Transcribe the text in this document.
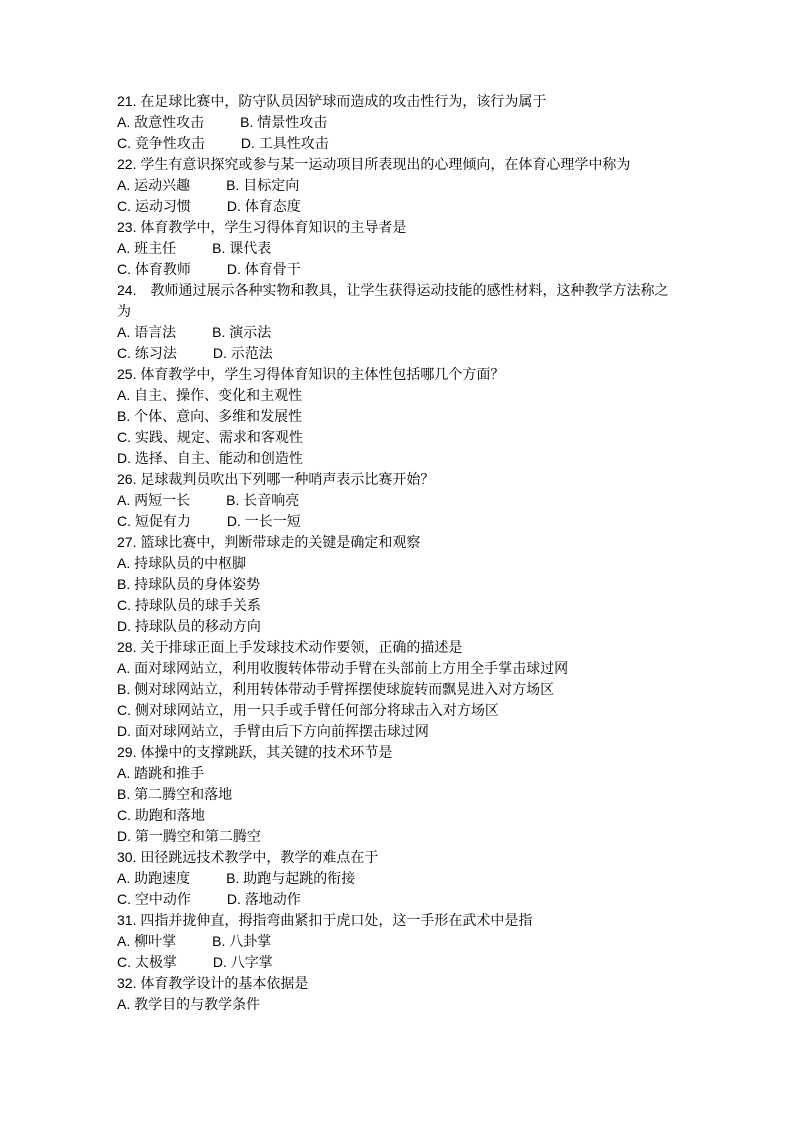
21. 在足球比赛中，防守队员因铲球而造成的攻击性行为，该行为属于
A. 敌意性攻击	B. 情景性攻击
C. 竞争性攻击	D. 工具性攻击
22. 学生有意识探究或参与某一运动项目所表现出的心理倾向，在体育心理学中称为
A. 运动兴趣	B. 目标定向
C. 运动习惯	D. 体育态度
23. 体育教学中，学生习得体育知识的主导者是
A. 班主任	B. 课代表
C. 体育教师	D. 体育骨干
24.　教师通过展示各种实物和教具，让学生获得运动技能的感性材料，这种教学方法称之
为
A. 语言法	B. 演示法
C. 练习法	D. 示范法
25. 体育教学中，学生习得体育知识的主体性包括哪几个方面？
A. 自主、操作、变化和主观性
B. 个体、意向、多维和发展性
C. 实践、规定、需求和客观性
D. 选择、自主、能动和创造性
26. 足球裁判员吹出下列哪一种哨声表示比赛开始？
A. 两短一长	B. 长音响亮
C. 短促有力	D. 一长一短
27. 篮球比赛中，判断带球走的关键是确定和观察
A. 持球队员的中枢脚
B. 持球队员的身体姿势
C. 持球队员的球手关系
D. 持球队员的移动方向
28. 关于排球正面上手发球技术动作要领，正确的描述是
A. 面对球网站立，利用收腹转体带动手臂在头部前上方用全手掌击球过网
B. 侧对球网站立，利用转体带动手臂挥摆使球旋转而飘晃进入对方场区
C. 侧对球网站立，用一只手或手臂任何部分将球击入对方场区
D. 面对球网站立，手臂由后下方向前挥摆击球过网
29. 体操中的支撑跳跃，其关键的技术环节是
A. 踏跳和推手
B. 第二腾空和落地
C. 助跑和落地
D. 第一腾空和第二腾空
30. 田径跳远技术教学中，教学的难点在于
A. 助跑速度	B. 助跑与起跳的衔接
C. 空中动作	D. 落地动作
31. 四指并拢伸直，拇指弯曲紧扣于虎口处，这一手形在武术中是指
A. 柳叶掌	B. 八卦掌
C. 太极掌	D. 八字掌
32. 体育教学设计的基本依据是
A. 教学目的与教学条件
